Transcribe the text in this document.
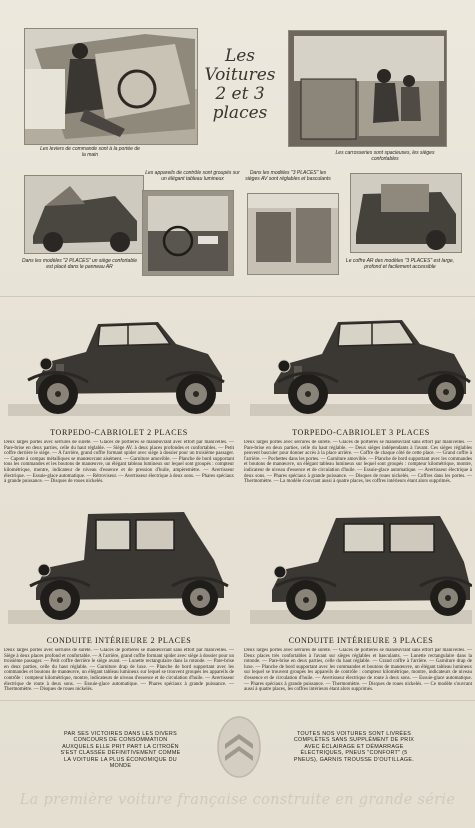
Les leviers de commande sont à la portée de la main
Les
Voitures
2 et 3
places
Les carrosseries sont spacieuses, les sièges confortables
Les appareils de contrôle sont groupés sur un élégant tableau lumineux
Dans les modèles "3 PLACES" les sièges AV sont réglables et basculants
Dans les modèles "2 PLACES" un siège confortable est placé dans le panneau AR
Le coffre AR des modèles "3 PLACES" est large, profond et facilement accessible
TORPEDO-CABRIOLET 2 PLACES
Deux larges portes avec serrures de sûreté. — Glaces de portières se manœuvrant avec effort par manivelles. — Pare-brise en deux parties, celle du haut réglable. — Siège AV. à deux places profondes et confortables. — Petit coffre derrière le siège. — A l'arrière, grand coffre formant spider avec siège à dossier pour un troisième passager. — Capote à compas métalliques se manœuvrant aisément. — Garniture amovible. — Planche de bord supportant tous les commandes et les boutons de manœuvre, un élégant tableau lumineux sur lequel sont groupés : compteur kilométrique, montre, indicateur de niveau d'essence et de pression d'huile, ampèremètre. — Avertisseur électrique. — Essuie-glace automatique. — Rétroviseur. — Avertisseur électrique à deux sons. — Phares spéciaux à grande puissance. — Disques de roues nickelés.
TORPEDO-CABRIOLET 3 PLACES
Deux larges portes avec serrures de sûreté. — Glaces de portières se manœuvrant sans effort par manivelles. — Pare-brise en deux parties, celle du haut réglable. — Deux sièges indépendants à l'avant. Ces sièges réglables peuvent basculer pour donner accès à la place arrière. — Coffre de chaque côté de cette place. — Grand coffre à l'arrière. — Pochettes dans les portes. — Garniture amovible. — Planche de bord supportant avec les commandes et boutons de manœuvre, un élégant tableau lumineux sur lequel sont groupés : compteur kilométrique, montre, indicateur de niveau d'essence et de circulation d'huile. — Essuie-glace automatique. — Avertisseur électrique à deux sons. — Phares spéciaux à grande puissance. — Disques de roues nickelés. — Coffres dans les portes. — Thermomètre. — La modèle s'ouvrant aussi à quatre places, les coffres intérieurs étant alors supprimés.
CONDUITE INTÉRIEURE 2 PLACES
Deux larges portes avec serrures de sûreté. — Glaces de portières se manœuvrant sans effort par manivelles. — Siège à deux places profond et confortable. — A l'arrière, grand coffre formant spider avec siège à dossier pour un troisième passager. — Petit coffre derrière le siège avant. — Lunette rectangulaire dans la rotonde. — Pare-brise en deux parties, celle du haut réglable. — Garniture drap de luxe. — Planche de bord supportant avec les commandes et boutons de manœuvre, un élégant tableau lumineux sur lequel se trouvent groupés les appareils de contrôle : compteur kilométrique, montre, indicateurs de niveau d'essence et de circulation d'huile. — Avertisseur électrique de route à deux sons. — Essuie-glace automatique. — Phares spéciaux à grande puissance. — Thermomètre. — Disques de roues nickelés.
CONDUITE INTÉRIEURE 3 PLACES
Deux larges portes avec serrures de sûreté. — Glaces de portières se manœuvrant sans effort par manivelles. — Deux places très confortables à l'avant sur sièges réglables et basculants. — Lunette rectangulaire dans la rotonde. — Pare-brise en deux parties, celle du haut réglable. — Grand coffre à l'arrière. — Garniture drap de luxe. — Planche de bord supportant avec les commandes et boutons de manœuvre, un élégant tableau lumineux sur lequel se trouvent groupés les appareils de contrôle : compteur kilométrique, montre, indicateurs de niveau d'essence et de circulation d'huile. — Avertisseur électrique de route à deux sons. — Essuie-glace automatique. — Phares spéciaux à grande puissance. — Thermomètre. — Disques de roues nickelés. — Ce modèle s'ouvrant aussi à quatre places, les coffres intérieurs étant alors supprimés.
PAR SES VICTOIRES DANS LES DIVERS CONCOURS DE CONSOMMATION AUXQUELS ELLE PRIT PART LA CITROËN S'EST CLASSÉE DÉFINITIVEMENT COMME LA VOITURE LA PLUS ÉCONOMIQUE DU MONDE
TOUTES NOS VOITURES SONT LIVRÉES COMPLÈTES SANS SUPPLÉMENT DE PRIX AVEC ÉCLAIRAGE ET DÉMARRAGE ÉLECTRIQUES, PNEUS "CONFORT" (5 PNEUS), GARNIS TROUSSE D'OUTILLAGE.
La première voiture française construite en grande série
